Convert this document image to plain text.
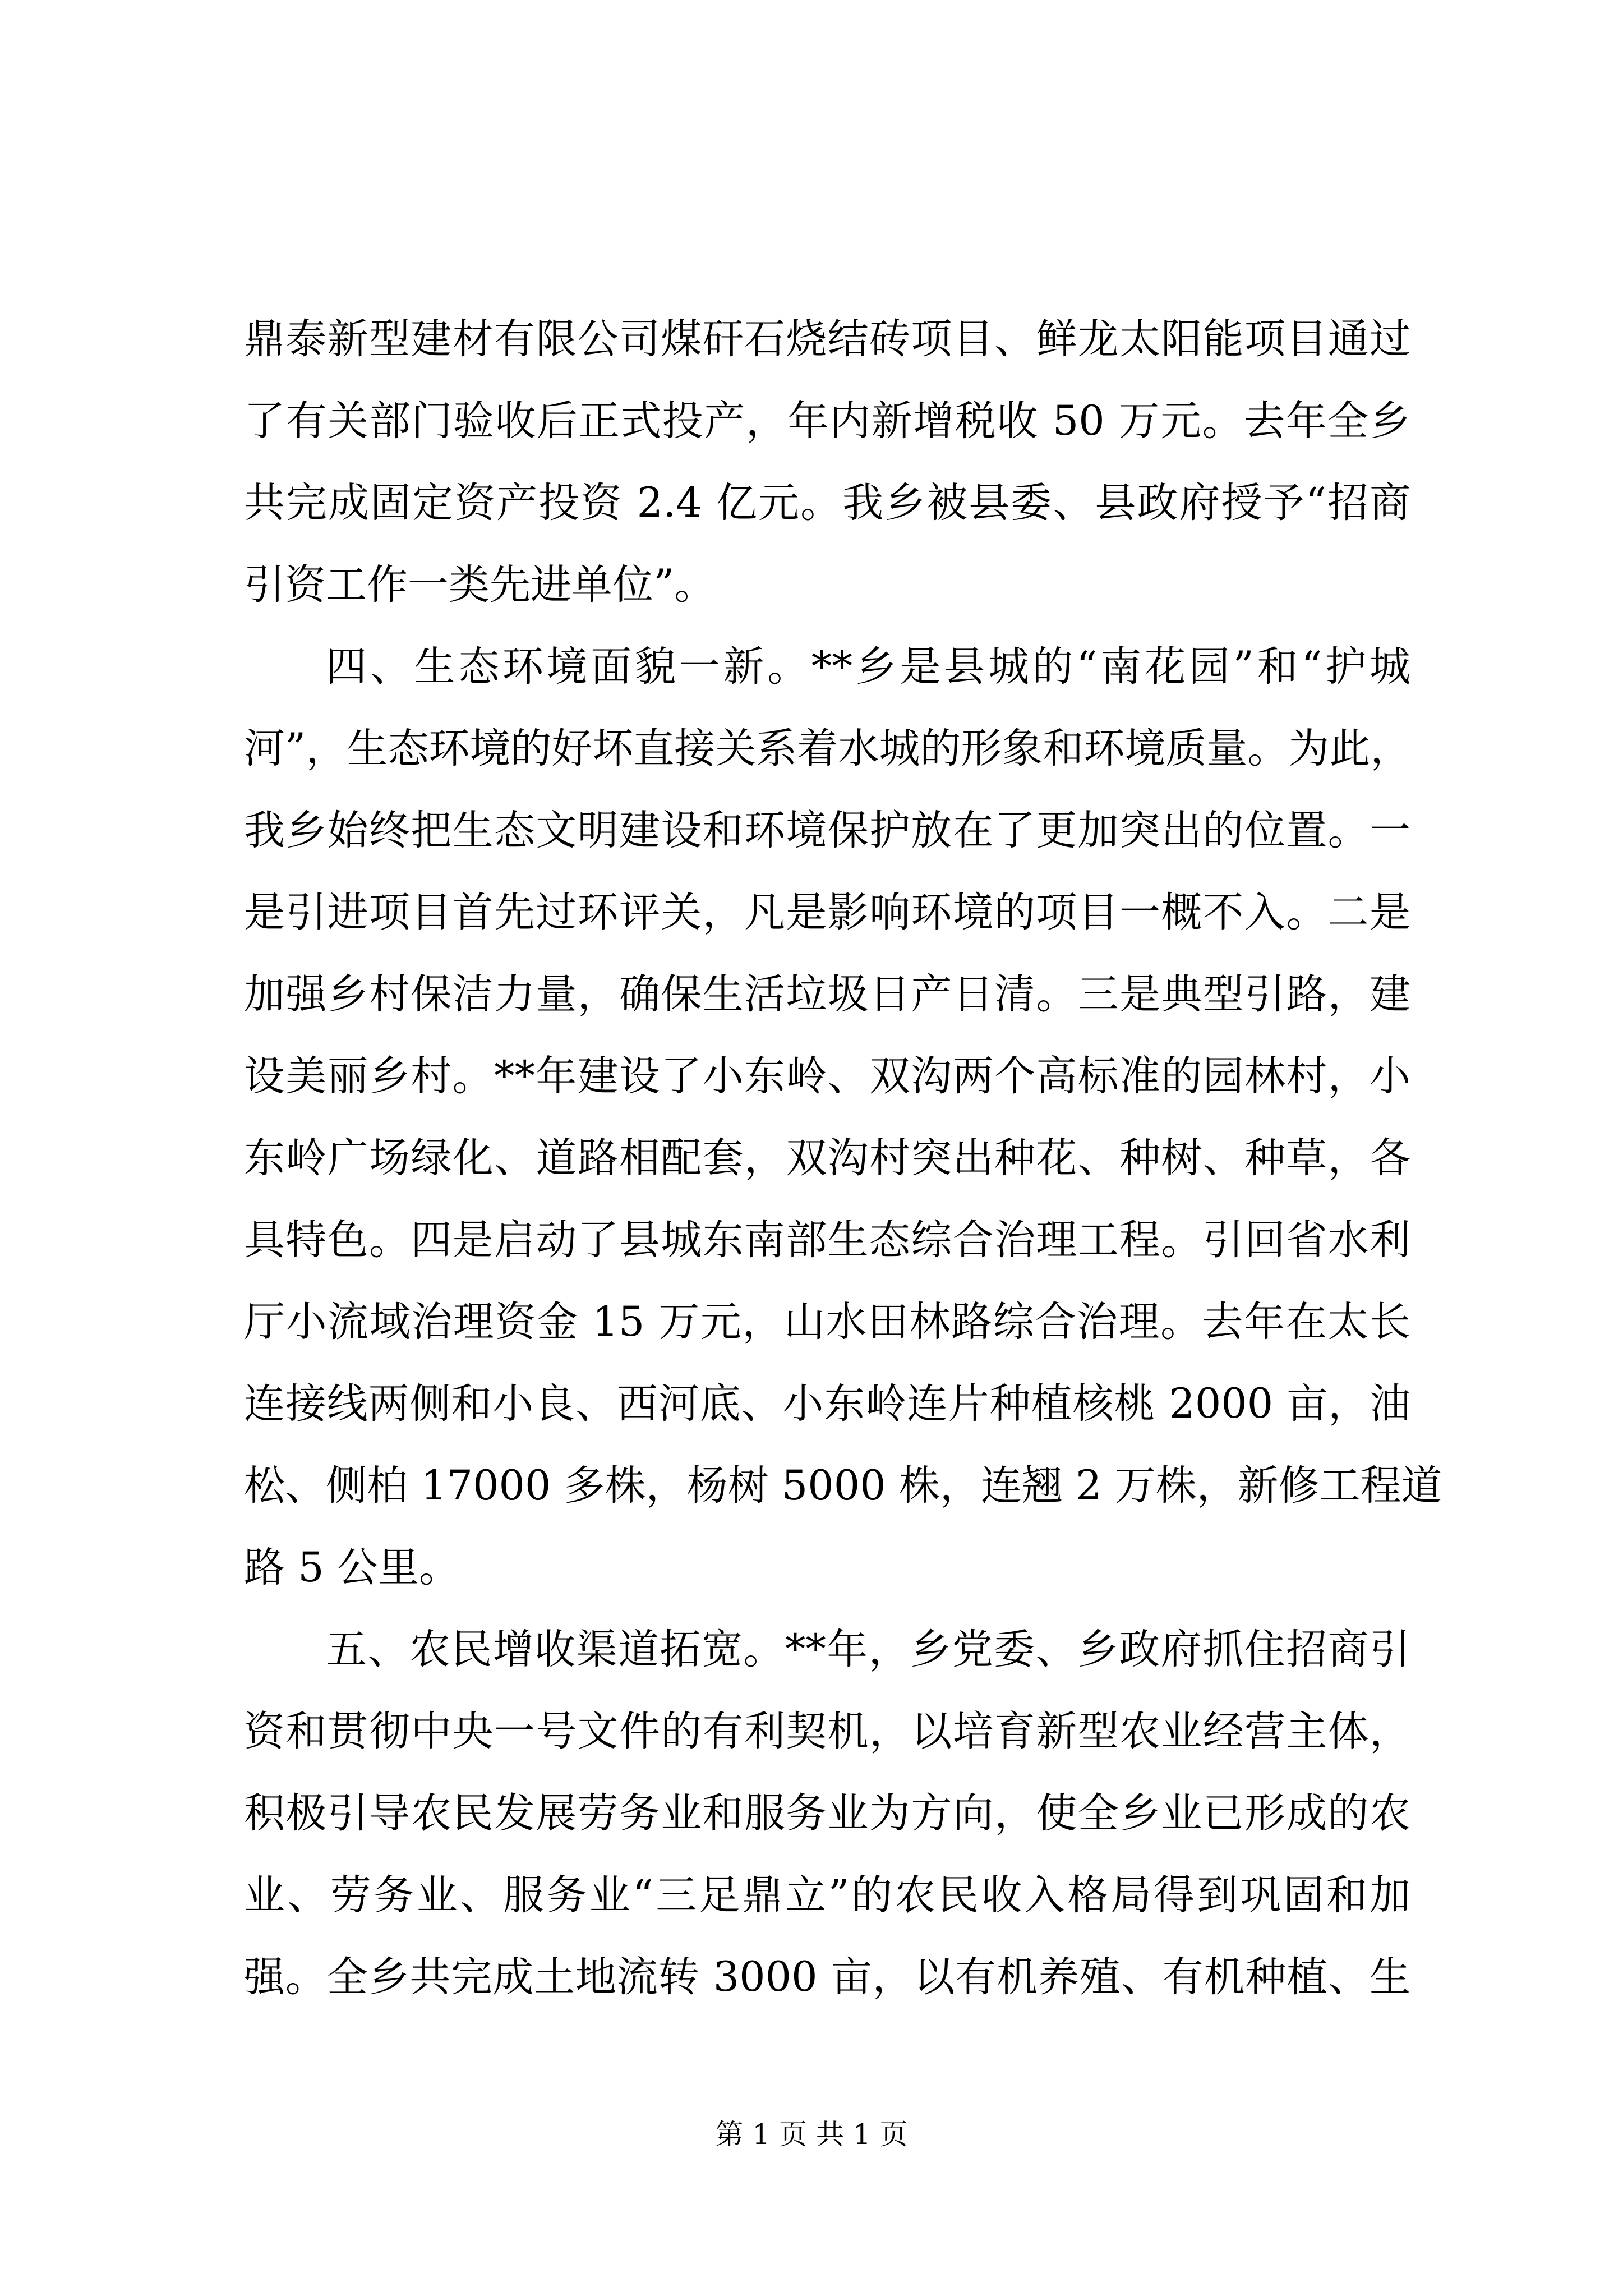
鼎泰新型建材有限公司煤矸石烧结砖项目、鲜龙太阳能项目通过
了有关部门验收后正式投产，年内新增税收 50 万元。去年全乡
共完成固定资产投资 2.4 亿元。我乡被县委、县政府授予“招商
引资工作一类先进单位”。
四、生态环境面貌一新。**乡是县城的“南花园”和“护城
河”，生态环境的好坏直接关系着水城的形象和环境质量。为此，
我乡始终把生态文明建设和环境保护放在了更加突出的位置。一
是引进项目首先过环评关，凡是影响环境的项目一概不入。二是
加强乡村保洁力量，确保生活垃圾日产日清。三是典型引路，建
设美丽乡村。**年建设了小东岭、双沟两个高标准的园林村，小
东岭广场绿化、道路相配套，双沟村突出种花、种树、种草，各
具特色。四是启动了县城东南部生态综合治理工程。引回省水利
厅小流域治理资金 15 万元，山水田林路综合治理。去年在太长
连接线两侧和小良、西河底、小东岭连片种植核桃 2000 亩，油
松、侧柏 17000 多株，杨树 5000 株，连翘 2 万株，新修工程道
路 5 公里。
五、农民增收渠道拓宽。**年，乡党委、乡政府抓住招商引
资和贯彻中央一号文件的有利契机，以培育新型农业经营主体，
积极引导农民发展劳务业和服务业为方向，使全乡业已形成的农
业、劳务业、服务业“三足鼎立”的农民收入格局得到巩固和加
强。全乡共完成土地流转 3000 亩，以有机养殖、有机种植、生
第 1 页 共 1 页
